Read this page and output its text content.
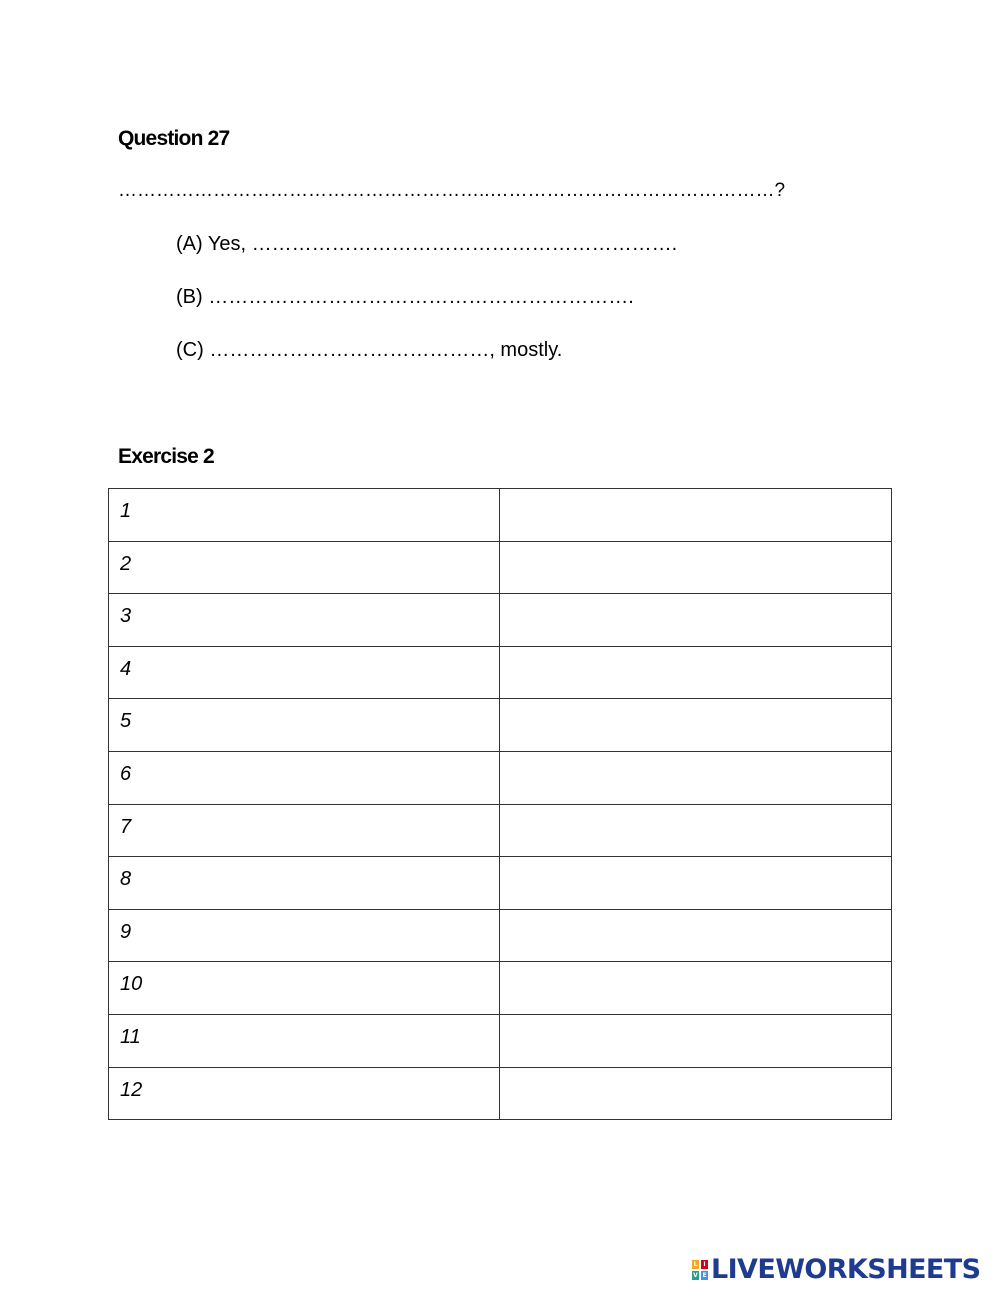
Question 27
…………………………………………………..………………………………………?
(A) Yes, ……………………………………………………….
(B) ……………………………………………………….
(C) ……………………………………, mostly.
Exercise 2
1	
2	
3	
4	
5	
6	
7	
8	
9	
10	
11	
12	
L I
V E LIVEWORKSHEETS
